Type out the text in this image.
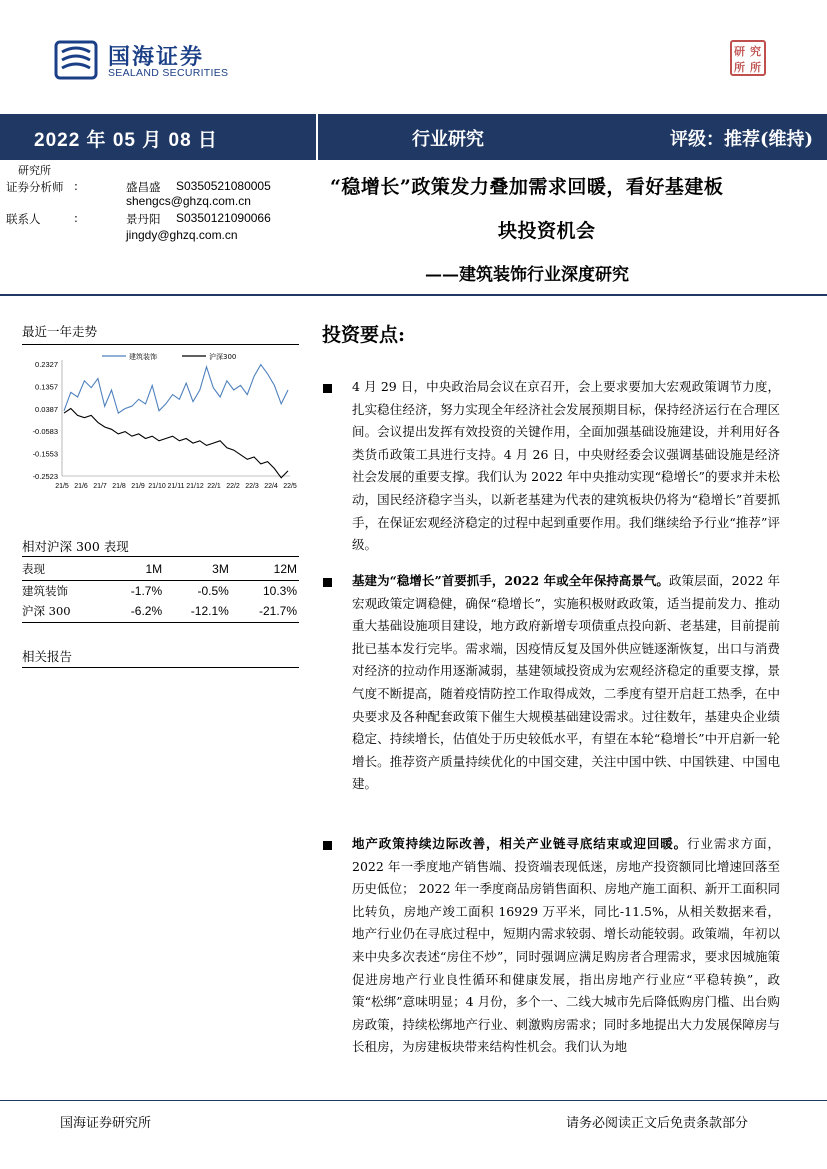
国海证券
SEALAND SECURITIES
研 究
所 所
2022 年 05 月 08 日	行业研究	评级：推荐(维持)
研究所
证券分析师 :	盛昌盛 S0350521080005
shengcs@ghzq.com.cn
联系人	:	景丹阳 S0350121090066
jingdy@ghzq.com.cn
“稳增长”政策发力叠加需求回暖，看好基建板
块投资机会
——建筑装饰行业深度研究
最近一年走势
0.2327
0.1357
0.0387
-0.0583
-0.1553
-0.2523
21/5 21/6 21/7 21/8 21/9 21/10 21/11 21/12 22/1 22/2 22/3 22/4 22/5
建筑装饰	沪深300
相对沪深 300 表现
表现	1M	3M	12M
建筑装饰	-1.7%	-0.5%	10.3%
沪深 300	-6.2%	-12.1%	-21.7%
相关报告
投资要点:
4 月 29 日，中央政治局会议在京召开，会上要求要加大宏观政策调节力度，扎实稳住经济，努力实现全年经济社会发展预期目标，保持经济运行在合理区间。会议提出发挥有效投资的关键作用，全面加强基础设施建设，并利用好各类货币政策工具进行支持。4 月 26 日，中央财经委会议强调基础设施是经济社会发展的重要支撑。我们认为 2022 年中央推动实现“稳增长”的要求并未松动，国民经济稳字当头，以新老基建为代表的建筑板块仍将为“稳增长”首要抓手，在保证宏观经济稳定的过程中起到重要作用。我们继续给予行业“推荐”评级。
基建为“稳增长”首要抓手，2022 年或全年保持高景气。政策层面，2022 年宏观政策定调稳健，确保“稳增长”，实施积极财政政策，适当提前发力、推动重大基础设施项目建设，地方政府新增专项债重点投向新、老基建，目前提前批已基本发行完毕。需求端，因疫情反复及国外供应链逐渐恢复，出口与消费对经济的拉动作用逐渐减弱，基建领域投资成为宏观经济稳定的重要支撑，景气度不断提高，随着疫情防控工作取得成效，二季度有望开启赶工热季，在中央要求及各种配套政策下催生大规模基础建设需求。过往数年，基建央企业绩稳定、持续增长，估值处于历史较低水平，有望在本轮“稳增长”中开启新一轮增长。推荐资产质量持续优化的中国交建，关注中国中铁、中国铁建、中国电建。
地产政策持续边际改善，相关产业链寻底结束或迎回暖。行业需求方面，2022 年一季度地产销售端、投资端表现低迷，房地产投资额同比增速回落至历史低位； 2022 年一季度商品房销售面积、房地产施工面积、新开工面积同比转负，房地产竣工面积 16929 万平米，同比-11.5%，从相关数据来看，地产行业仍在寻底过程中，短期内需求较弱、增长动能较弱。政策端，年初以来中央多次表述“房住不炒”，同时强调应满足购房者合理需求，要求因城施策促进房地产行业良性循环和健康发展，指出房地产行业应“平稳转换”，政策“松绑”意味明显；4 月份，多个一、二线大城市先后降低购房门槛、出台购房政策，持续松绑地产行业、刺激购房需求；同时多地提出大力发展保障房与长租房，为房建板块带来结构性机会。我们认为地
国海证券研究所	请务必阅读正文后免责条款部分
